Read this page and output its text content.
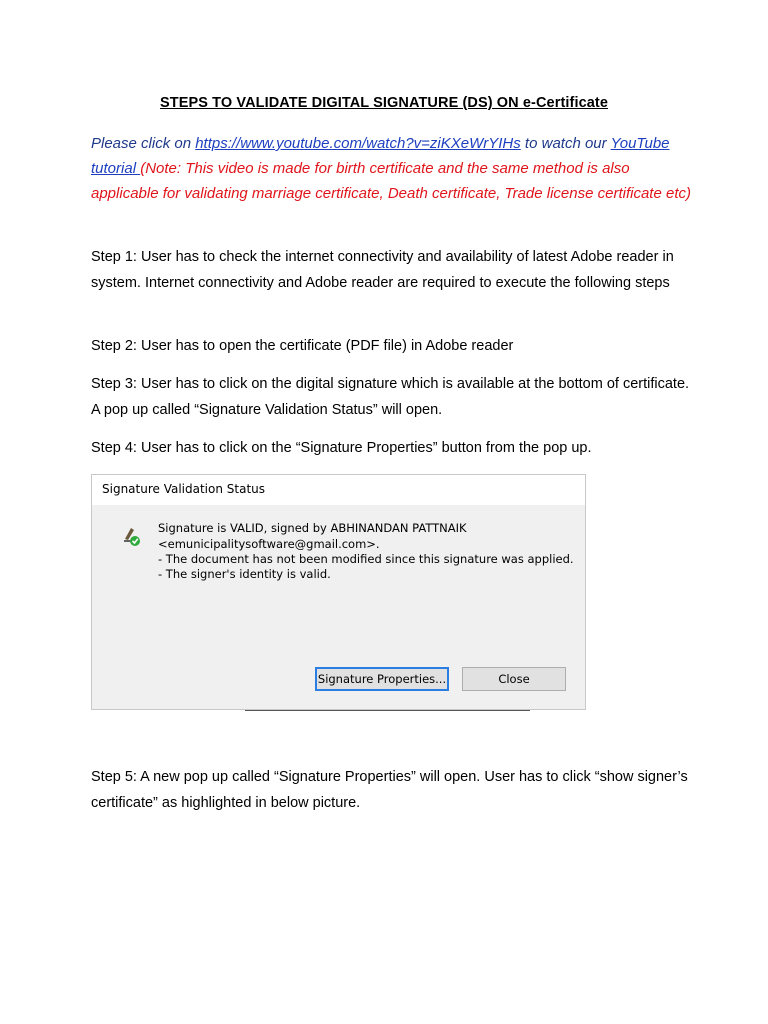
STEPS TO VALIDATE DIGITAL SIGNATURE (DS) ON e-Certificate
Please click on https://www.youtube.com/watch?v=ziKXeWrYIHs to watch our YouTube tutorial (Note: This video is made for birth certificate and the same method is also applicable for validating marriage certificate, Death certificate, Trade license certificate etc)
Step 1: User has to check the internet connectivity and availability of latest Adobe reader in system. Internet connectivity and Adobe reader are required to execute the following steps
Step 2: User has to open the certificate (PDF file) in Adobe reader
Step 3: User has to click on the digital signature which is available at the bottom of certificate. A pop up called “Signature Validation Status” will open.
Step 4: User has to click on the “Signature Properties” button from the pop up.
Signature Validation Status
Signature is VALID, signed by ABHINANDAN PATTNAIK
<emunicipalitysoftware@gmail.com>.
- The document has not been modified since this signature was applied.
- The signer's identity is valid.
Signature Properties...	Close
Step 5: A new pop up called “Signature Properties” will open. User has to click “show signer’s certificate” as highlighted in below picture.
